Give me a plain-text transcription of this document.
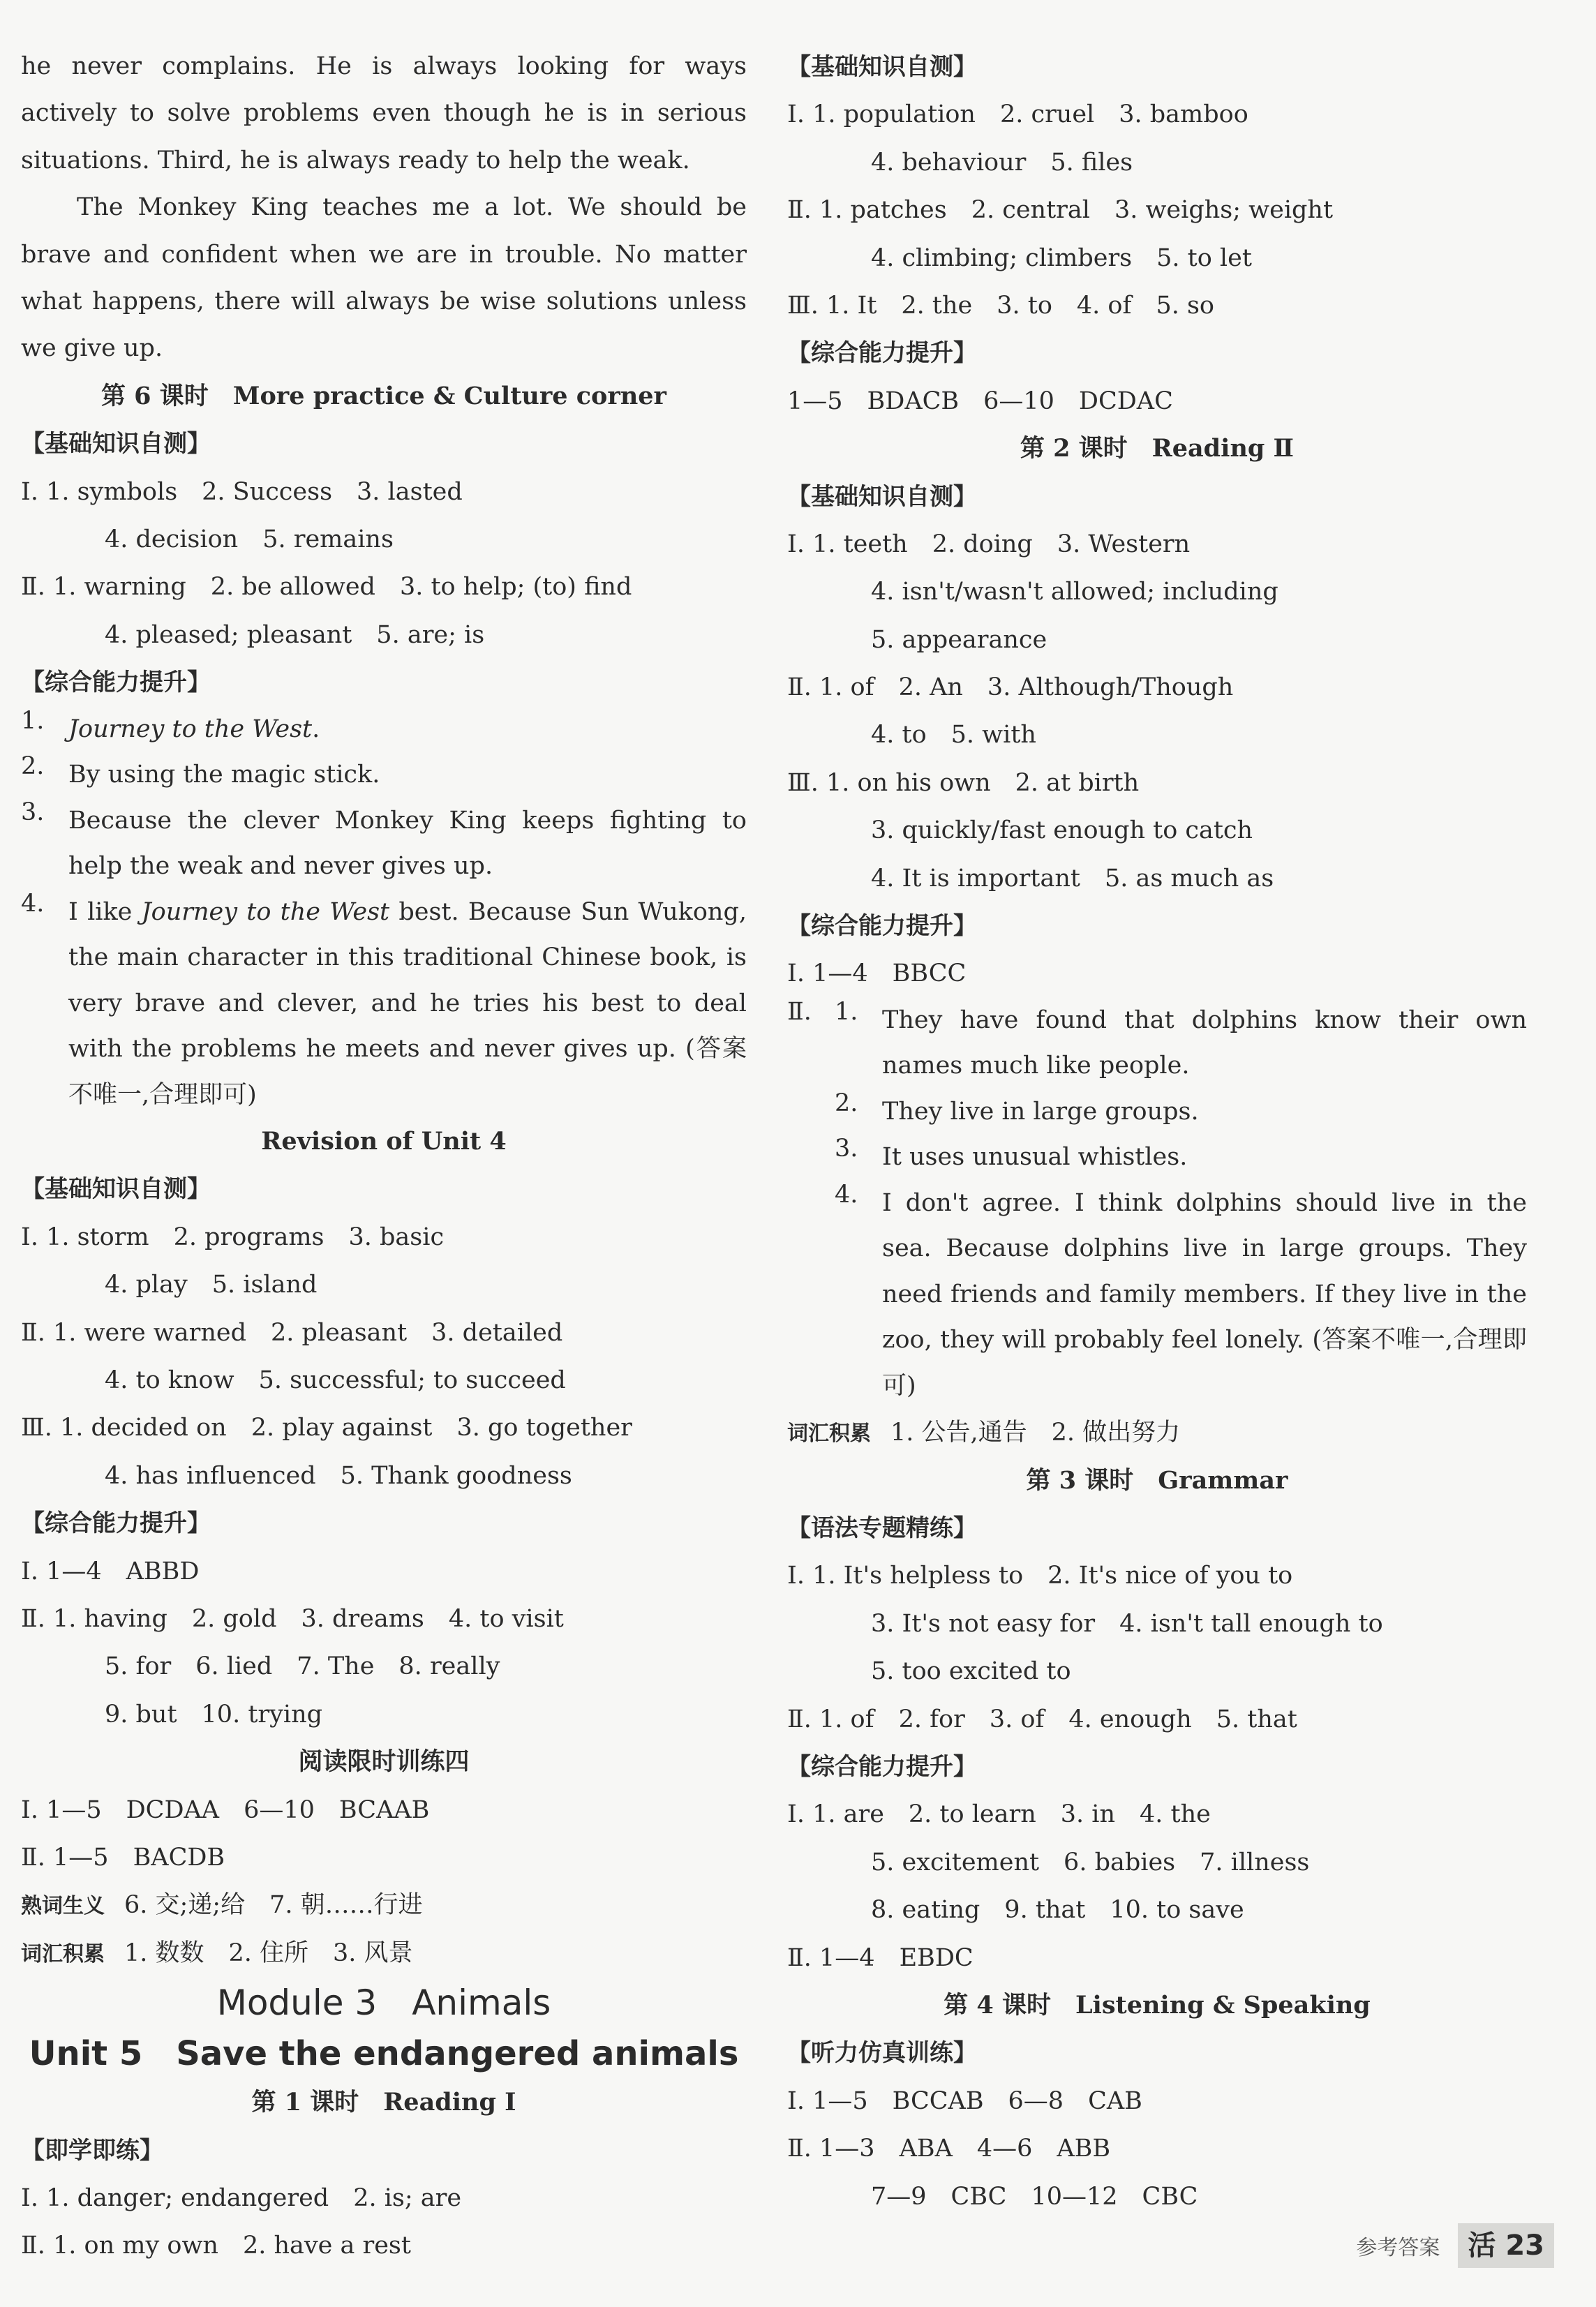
he never complains. He is always looking for ways actively to solve problems even though he is in serious situations. Third, he is always ready to help the weak.

The Monkey King teaches me a lot. We should be brave and confident when we are in trouble. No matter what happens, there will always be wise solutions unless we give up.

第 6 课时　More practice & Culture corner
【基础知识自测】
Ⅰ. 1. symbols　2. Success　3. lasted
4. decision　5. remains
Ⅱ. 1. warning　2. be allowed　3. to help; (to) find
4. pleased; pleasant　5. are; is
【综合能力提升】
1. Journey to the West.
2. By using the magic stick.
3. Because the clever Monkey King keeps fighting to help the weak and never gives up.
4. I like Journey to the West best. Because Sun Wukong, the main character in this traditional Chinese book, is very brave and clever, and he tries his best to deal with the problems he meets and never gives up. (答案不唯一,合理即可)
Revision of Unit 4
【基础知识自测】
Ⅰ. 1. storm　2. programs　3. basic
4. play　5. island
Ⅱ. 1. were warned　2. pleasant　3. detailed
4. to know　5. successful; to succeed
Ⅲ. 1. decided on　2. play against　3. go together
4. has influenced　5. Thank goodness
【综合能力提升】
Ⅰ. 1—4　ABBD
Ⅱ. 1. having　2. gold　3. dreams　4. to visit
5. for　6. lied　7. The　8. really
9. but　10. trying
阅读限时训练四
Ⅰ. 1—5　DCDAA　6—10　BCAAB
Ⅱ. 1—5　BACDB
熟词生义 6. 交;递;给　7. 朝……行进
词汇积累 1. 数数　2. 住所　3. 风景
Module 3　Animals
Unit 5　Save the endangered animals
第 1 课时　Reading Ⅰ
【即学即练】
Ⅰ. 1. danger; endangered　2. is; are
Ⅱ. 1. on my own　2. have a rest
【基础知识自测】
Ⅰ. 1. population　2. cruel　3. bamboo
4. behaviour　5. files
Ⅱ. 1. patches　2. central　3. weighs; weight
4. climbing; climbers　5. to let
Ⅲ. 1. It　2. the　3. to　4. of　5. so
【综合能力提升】
1—5　BDACB　6—10　DCDAC
第 2 课时　Reading Ⅱ
【基础知识自测】
Ⅰ. 1. teeth　2. doing　3. Western
4. isn't/wasn't allowed; including
5. appearance
Ⅱ. 1. of　2. An　3. Although/Though
4. to　5. with
Ⅲ. 1. on his own　2. at birth
3. quickly/fast enough to catch
4. It is important　5. as much as
【综合能力提升】
Ⅰ. 1—4　BBCC
Ⅱ. 1. They have found that dolphins know their own names much like people.
2. They live in large groups.
3. It uses unusual whistles.
4. I don't agree. I think dolphins should live in the sea. Because dolphins live in large groups. They need friends and family members. If they live in the zoo, they will probably feel lonely. (答案不唯一,合理即可)
词汇积累 1. 公告,通告　2. 做出努力
第 3 课时　Grammar
【语法专题精练】
Ⅰ. 1. It's helpless to　2. It's nice of you to
3. It's not easy for　4. isn't tall enough to
5. too excited to
Ⅱ. 1. of　2. for　3. of　4. enough　5. that
【综合能力提升】
Ⅰ. 1. are　2. to learn　3. in　4. the
5. excitement　6. babies　7. illness
8. eating　9. that　10. to save
Ⅱ. 1—4　EBDC
第 4 课时　Listening & Speaking
【听力仿真训练】
Ⅰ. 1—5　BCCAB　6—8　CAB
Ⅱ. 1—3　ABA　4—6　ABB
7—9　CBC　10—12　CBC
参考答案	活 23
